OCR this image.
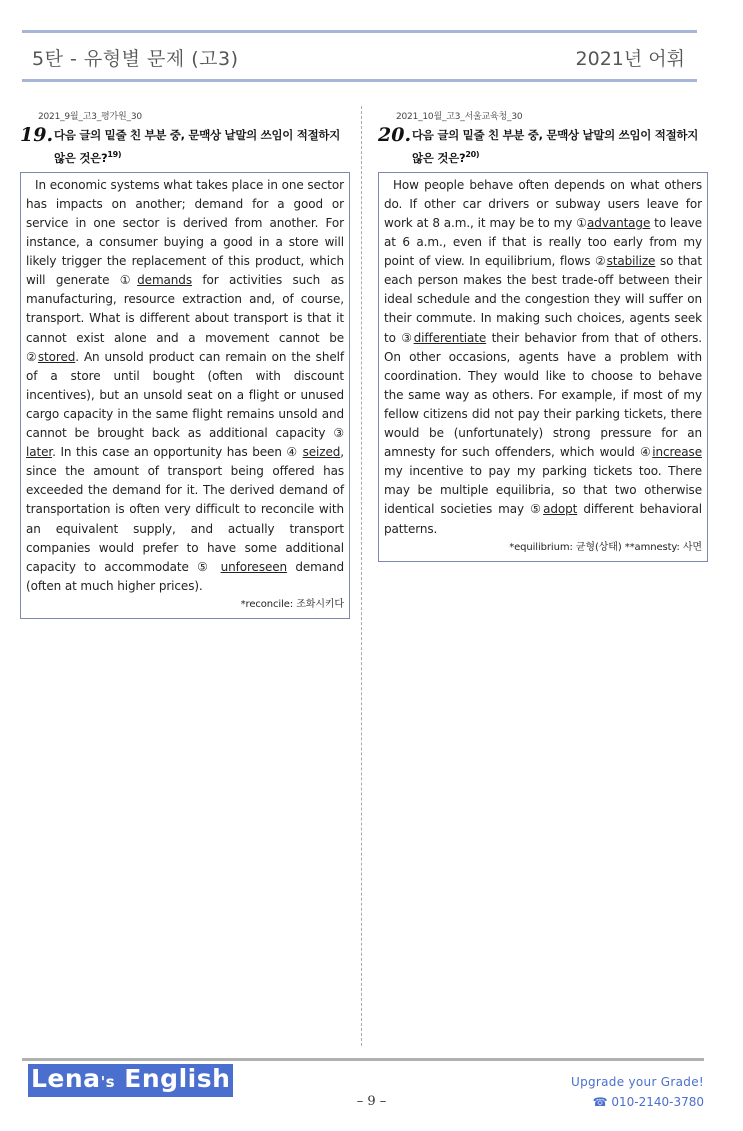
5탄 - 유형별 문제 (고3)	2021년 어휘
2021_9월_고3_평가원_30
19. 다음 글의 밑줄 친 부분 중, 문맥상 낱말의 쓰임이 적절하지 않은 것은?$^{19)}$
In economic systems what takes place in one sector has impacts on another; demand for a good or service in one sector is derived from another. For instance, a consumer buying a good in a store will likely trigger the replacement of this product, which will generate ①demands for activities such as manufacturing, resource extraction and, of course, transport. What is different about transport is that it cannot exist alone and a movement cannot be ②stored. An unsold product can remain on the shelf of a store until bought (often with discount incentives), but an unsold seat on a flight or unused cargo capacity in the same flight remains unsold and cannot be brought back as additional capacity ③ later. In this case an opportunity has been ④ seized, since the amount of transport being offered has exceeded the demand for it. The derived demand of transportation is often very difficult to reconcile with an equivalent supply, and actually transport companies would prefer to have some additional capacity to accommodate ⑤ unforeseen demand (often at much higher prices).
*reconcile: 조화시키다
2021_10월_고3_서울교육청_30
20. 다음 글의 밑줄 친 부분 중, 문맥상 낱말의 쓰임이 적절하지 않은 것은?$^{20)}$
How people behave often depends on what others do. If other car drivers or subway users leave for work at 8 a.m., it may be to my ①advantage to leave at 6 a.m., even if that is really too early from my point of view. In equilibrium, flows ②stabilize so that each person makes the best trade-off between their ideal schedule and the congestion they will suffer on their commute. In making such choices, agents seek to ③differentiate their behavior from that of others. On other occasions, agents have a problem with coordination. They would like to choose to behave the same way as others. For example, if most of my fellow citizens did not pay their parking tickets, there would be (unfortunately) strong pressure for an amnesty for such offenders, which would ④increase my incentive to pay my parking tickets too. There may be multiple equilibria, so that two otherwise identical societies may ⑤adopt different behavioral patterns.
*equilibrium: 균형(상태) **amnesty: 사면
Lena's English
– 9 –
Upgrade your Grade!
☎ 010-2140-3780
